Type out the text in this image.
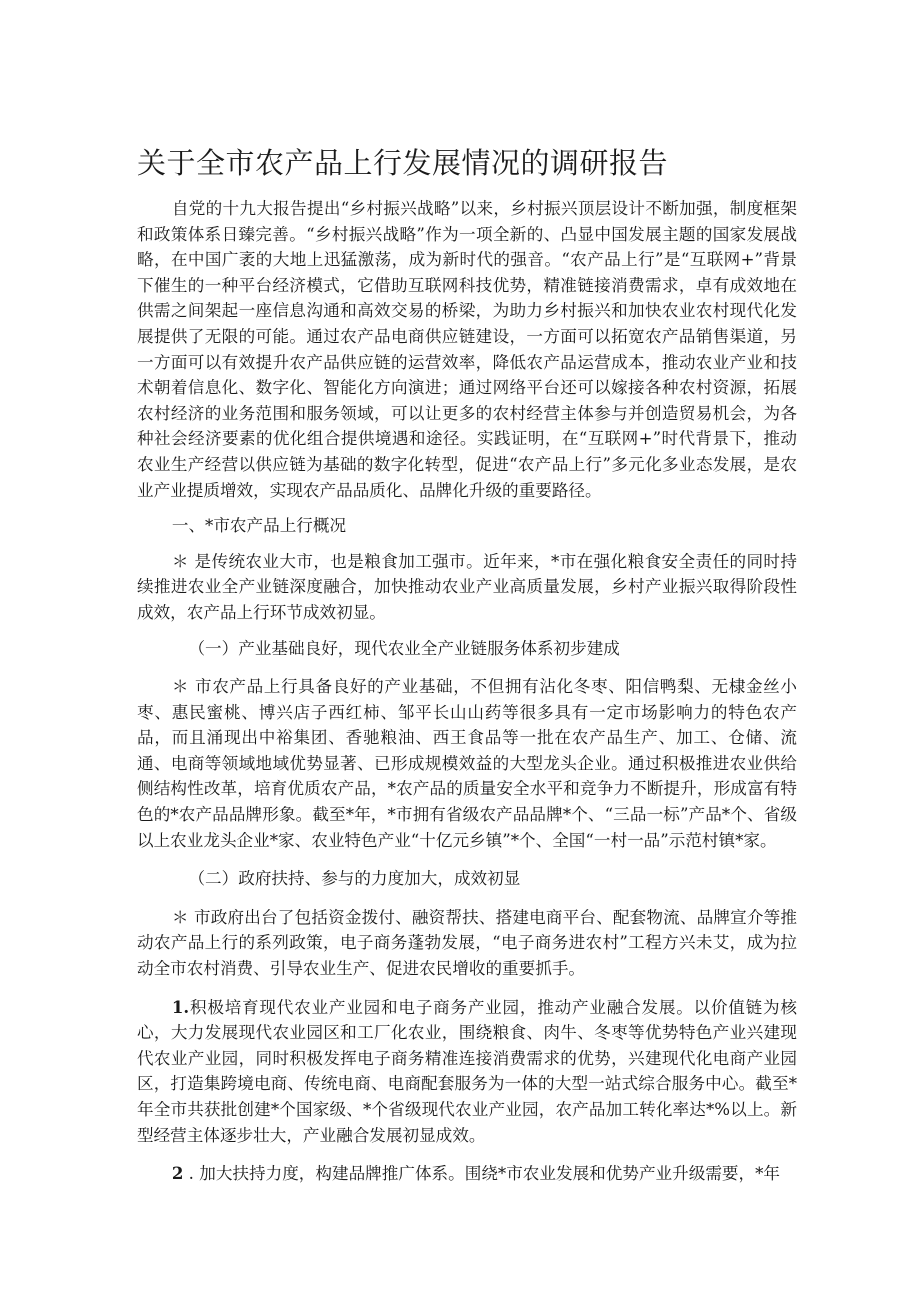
关于全市农产品上行发展情况的调研报告

自党的十九大报告提出“乡村振兴战略”以来，乡村振兴顶层设计不断加强，制度框架和政策体系日臻完善。“乡村振兴战略”作为一项全新的、凸显中国发展主题的国家发展战略，在中国广袤的大地上迅猛激荡，成为新时代的强音。“农产品上行”是“互联网+”背景下催生的一种平台经济模式，它借助互联网科技优势，精准链接消费需求，卓有成效地在供需之间架起一座信息沟通和高效交易的桥梁，为助力乡村振兴和加快农业农村现代化发展提供了无限的可能。通过农产品电商供应链建设，一方面可以拓宽农产品销售渠道，另一方面可以有效提升农产品供应链的运营效率，降低农产品运营成本，推动农业产业和技术朝着信息化、数字化、智能化方向演进；通过网络平台还可以嫁接各种农村资源，拓展农村经济的业务范围和服务领域，可以让更多的农村经营主体参与并创造贸易机会，为各种社会经济要素的优化组合提供境遇和途径。实践证明，在“互联网+”时代背景下，推动农业生产经营以供应链为基础的数字化转型，促进“农产品上行”多元化多业态发展，是农业产业提质增效，实现农产品品质化、品牌化升级的重要路径。

一、*市农产品上行概况

＊ 是传统农业大市，也是粮食加工强市。近年来，*市在强化粮食安全责任的同时持续推进农业全产业链深度融合，加快推动农业产业高质量发展，乡村产业振兴取得阶段性成效，农产品上行环节成效初显。

（一）产业基础良好，现代农业全产业链服务体系初步建成

＊ 市农产品上行具备良好的产业基础，不但拥有沾化冬枣、阳信鸭梨、无棣金丝小枣、惠民蜜桃、博兴店子西红柿、邹平长山山药等很多具有一定市场影响力的特色农产品，而且涌现出中裕集团、香驰粮油、西王食品等一批在农产品生产、加工、仓储、流通、电商等领域地域优势显著、已形成规模效益的大型龙头企业。通过积极推进农业供给侧结构性改革，培育优质农产品，*农产品的质量安全水平和竞争力不断提升，形成富有特色的*农产品品牌形象。截至*年，*市拥有省级农产品品牌*个、“三品一标”产品*个、省级以上农业龙头企业*家、农业特色产业“十亿元乡镇”*个、全国“一村一品”示范村镇*家。

（二）政府扶持、参与的力度加大，成效初显

＊ 市政府出台了包括资金拨付、融资帮扶、搭建电商平台、配套物流、品牌宣介等推动农产品上行的系列政策，电子商务蓬勃发展，“电子商务进农村”工程方兴未艾，成为拉动全市农村消费、引导农业生产、促进农民增收的重要抓手。

1.积极培育现代农业产业园和电子商务产业园，推动产业融合发展。以价值链为核心，大力发展现代农业园区和工厂化农业，围绕粮食、肉牛、冬枣等优势特色产业兴建现代农业产业园，同时积极发挥电子商务精准连接消费需求的优势，兴建现代化电商产业园区，打造集跨境电商、传统电商、电商配套服务为一体的大型一站式综合服务中心。截至*年全市共获批创建*个国家级、*个省级现代农业产业园，农产品加工转化率达*%以上。新型经营主体逐步壮大，产业融合发展初显成效。

2 . 加大扶持力度，构建品牌推广体系。围绕*市农业发展和优势产业升级需要，*年
